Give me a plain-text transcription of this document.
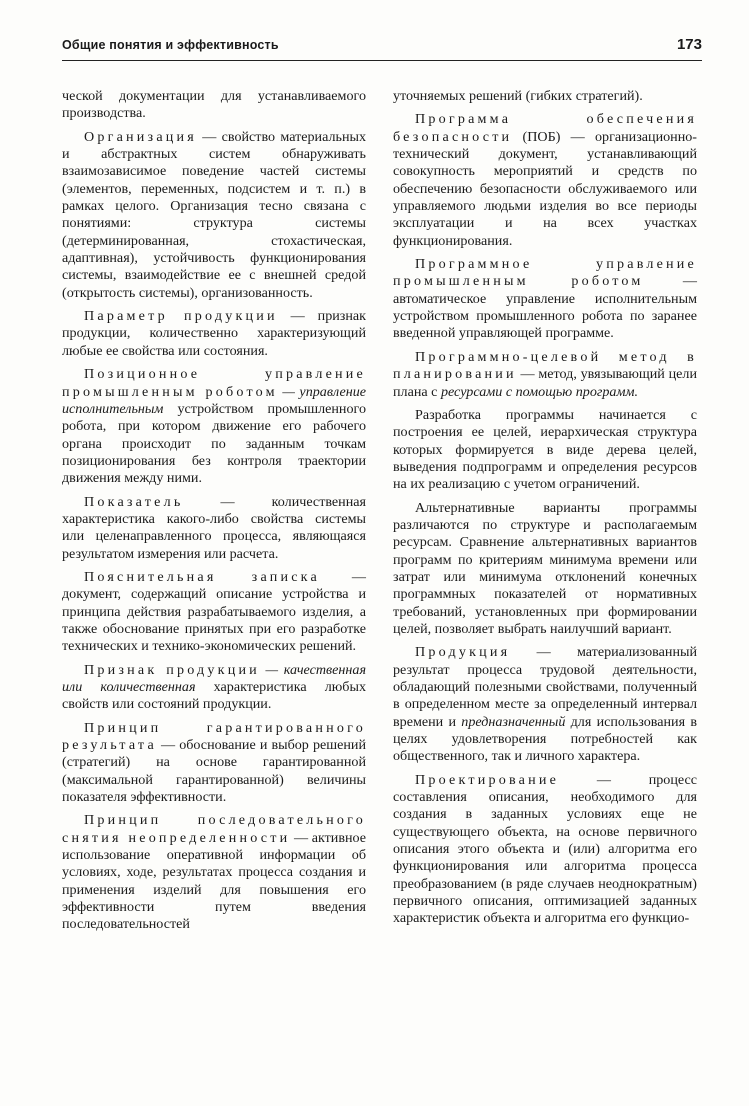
Общие понятия и эффективность	173

ческой документации для устанавливаемого производства.

Организация — свойство материальных и абстрактных систем обнаруживать взаимозависимое поведение частей системы (элементов, переменных, подсистем и т. п.) в рамках целого. Организация тесно связана с понятиями: структура системы (детерминированная, стохастическая, адаптивная), устойчивость функционирования системы, взаимодействие ее с внешней средой (открытость системы), организованность.

Параметр продукции — признак продукции, количественно характеризующий любые ее свойства или состояния.

Позиционное управление промышленным роботом — управление исполнительным устройством промышленного робота, при котором движение его рабочего органа происходит по заданным точкам позиционирования без контроля траектории движения между ними.

Показатель — количественная характеристика какого-либо свойства системы или целенаправленного процесса, являющаяся результатом измерения или расчета.

Пояснительная записка — документ, содержащий описание устройства и принципа действия разрабатываемого изделия, а также обоснование принятых при его разработке технических и технико-экономических решений.

Признак продукции — качественная или количественная характеристика любых свойств или состояний продукции.

Принцип гарантированного результата — обоснование и выбор решений (стратегий) на основе гарантированной (максимальной гарантированной) величины показателя эффективности.

Принцип последовательного снятия неопределенности — активное использование оперативной информации об условиях, ходе, результатах процесса создания и применения изделий для повышения его эффективности путем введения последовательностей

уточняемых решений (гибких стратегий).

Программа обеспечения безопасности (ПОБ) — организационно-технический документ, устанавливающий совокупность мероприятий и средств по обеспечению безопасности обслуживаемого или управляемого людьми изделия во все периоды эксплуатации и на всех участках функционирования.

Программное управление промышленным роботом — автоматическое управление исполнительным устройством промышленного робота по заранее введенной управляющей программе.

Программно-целевой метод в планировании — метод, увязывающий цели плана с ресурсами с помощью программ.

Разработка программы начинается с построения ее целей, иерархическая структура которых формируется в виде дерева целей, выведения подпрограмм и определения ресурсов на их реализацию с учетом ограничений.

Альтернативные варианты программы различаются по структуре и располагаемым ресурсам. Сравнение альтернативных вариантов программ по критериям минимума времени или затрат или минимума отклонений конечных программных показателей от нормативных требований, установленных при формировании целей, позволяет выбрать наилучший вариант.

Продукция — материализованный результат процесса трудовой деятельности, обладающий полезными свойствами, полученный в определенном месте за определенный интервал времени и предназначенный для использования в целях удовлетворения потребностей как общественного, так и личного характера.

Проектирование — процесс составления описания, необходимого для создания в заданных условиях еще не существующего объекта, на основе первичного описания этого объекта и (или) алгоритма его функционирования или алгоритма процесса преобразованием (в ряде случаев неоднократным) первичного описания, оптимизацией заданных характеристик объекта и алгоритма его функцио-
